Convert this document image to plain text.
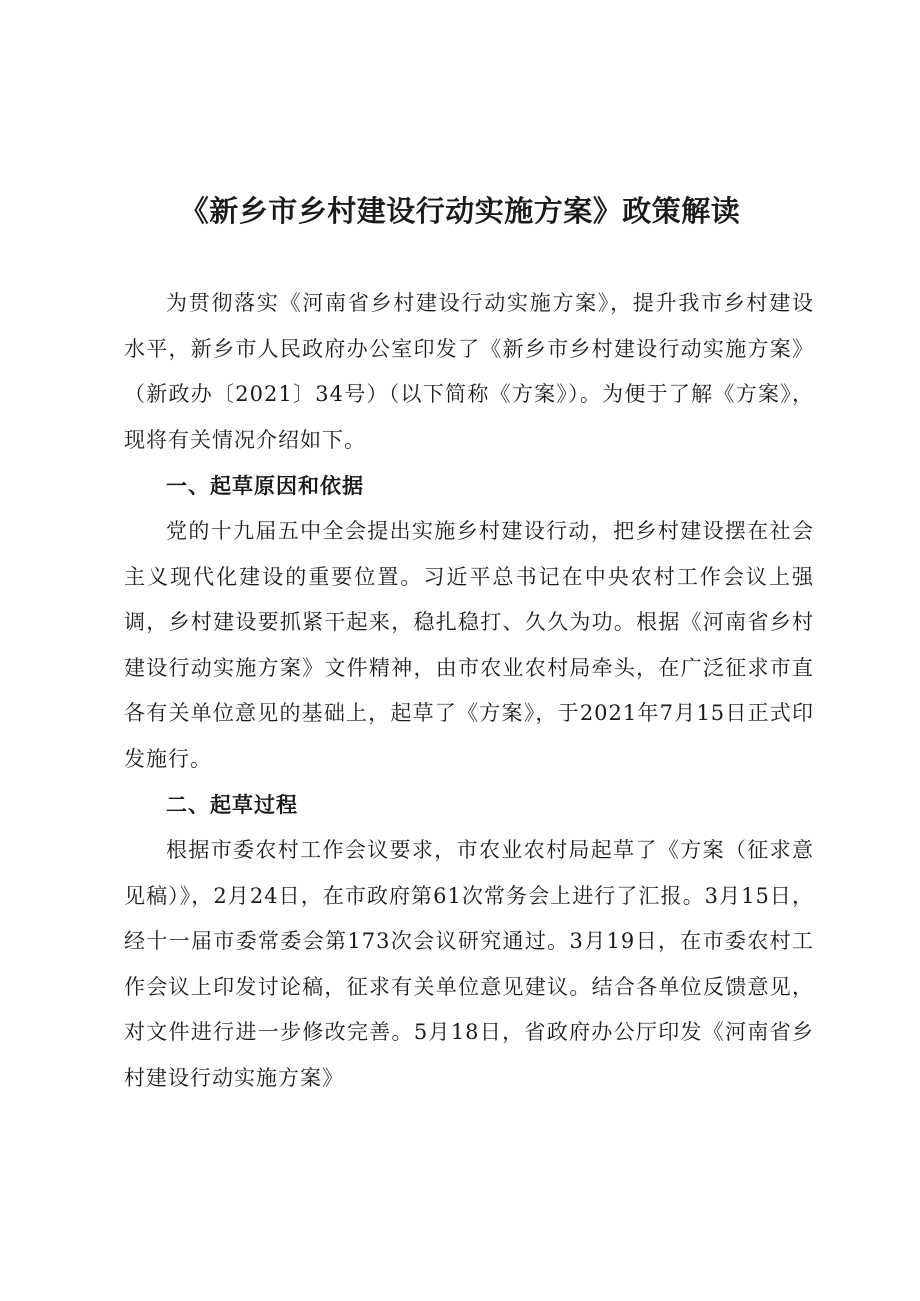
《新乡市乡村建设行动实施方案》政策解读

为贯彻落实《河南省乡村建设行动实施方案》，提升我市乡村建设水平，新乡市人民政府办公室印发了《新乡市乡村建设行动实施方案》（新政办〔2021〕34号）（以下简称《方案》）。为便于了解《方案》，现将有关情况介绍如下。

一、起草原因和依据

党的十九届五中全会提出实施乡村建设行动，把乡村建设摆在社会主义现代化建设的重要位置。习近平总书记在中央农村工作会议上强调，乡村建设要抓紧干起来，稳扎稳打、久久为功。根据《河南省乡村建设行动实施方案》文件精神，由市农业农村局牵头，在广泛征求市直各有关单位意见的基础上，起草了《方案》，于2021年7月15日正式印发施行。

二、起草过程

根据市委农村工作会议要求，市农业农村局起草了《方案（征求意见稿）》，2月24日，在市政府第61次常务会上进行了汇报。3月15日，经十一届市委常委会第173次会议研究通过。3月19日，在市委农村工作会议上印发讨论稿，征求有关单位意见建议。结合各单位反馈意见，对文件进行进一步修改完善。5月18日，省政府办公厅印发《河南省乡村建设行动实施方案》
